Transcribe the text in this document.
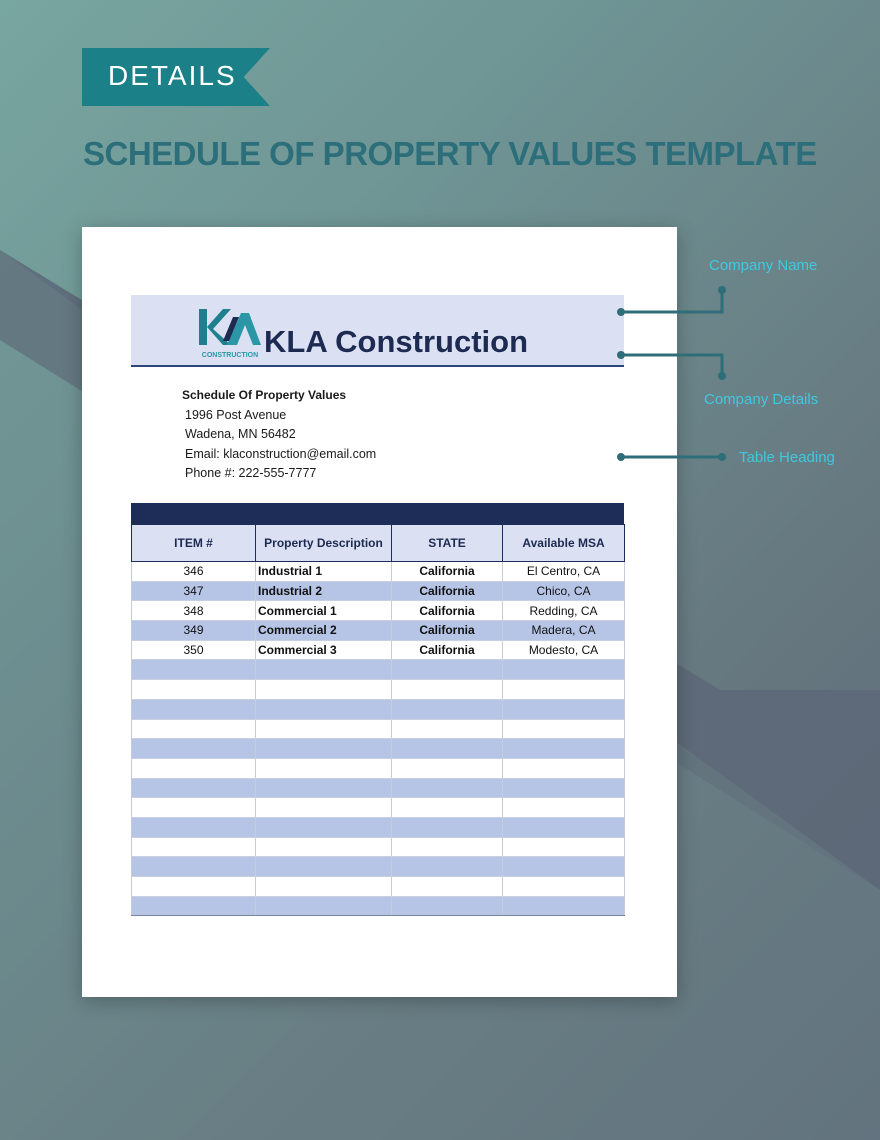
DETAILS
SCHEDULE OF PROPERTY VALUES TEMPLATE
CONSTRUCTION KLA Construction
Schedule Of Property Values
1996 Post Avenue
Wadena, MN 56482
Email: klaconstruction@email.com
Phone #: 222-555-7777
ITEM #	Property Description	STATE	Available MSA
346	Industrial 1	California	El Centro, CA
347	Industrial 2	California	Chico, CA
348	Commercial 1	California	Redding, CA
349	Commercial 2	California	Madera, CA
350	Commercial 3	California	Modesto, CA

Company Name
Company Details
Table Heading
